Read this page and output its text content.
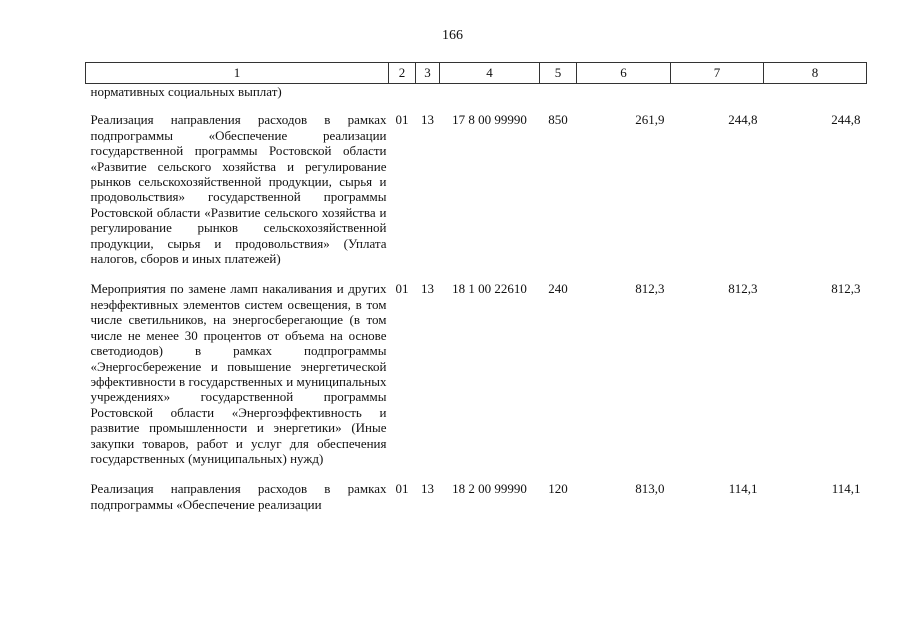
166
1	2	3	4	5	6	7	8
нормативных социальных выплат)							
Реализация направления расходов в рамках подпрограммы «Обеспечение реализации государственной программы Ростовской области «Развитие сельского хозяйства и регулирование рынков сельскохозяйственной продукции, сырья и продовольствия» государственной программы Ростовской области «Развитие сельского хозяйства и регулирование рынков сельскохозяйственной продукции, сырья и продовольствия» (Уплата налогов, сборов и иных платежей)	01	13	17 8 00 99990	850	261,9	244,8	244,8
Мероприятия по замене ламп накаливания и других неэффективных элементов систем освещения, в том числе светильников, на энергосберегающие (в том числе не менее 30 процентов от объема на основе светодиодов) в рамках подпрограммы «Энергосбережение и повышение энергетической эффективности в государственных и муниципальных учреждениях» государственной программы Ростовской области «Энергоэффективность и развитие промышленности и энергетики» (Иные закупки товаров, работ и услуг для обеспечения государственных (муниципальных) нужд)	01	13	18 1 00 22610	240	812,3	812,3	812,3
Реализация направления расходов в рамках подпрограммы «Обеспечение реализации	01	13	18 2 00 99990	120	813,0	114,1	114,1
